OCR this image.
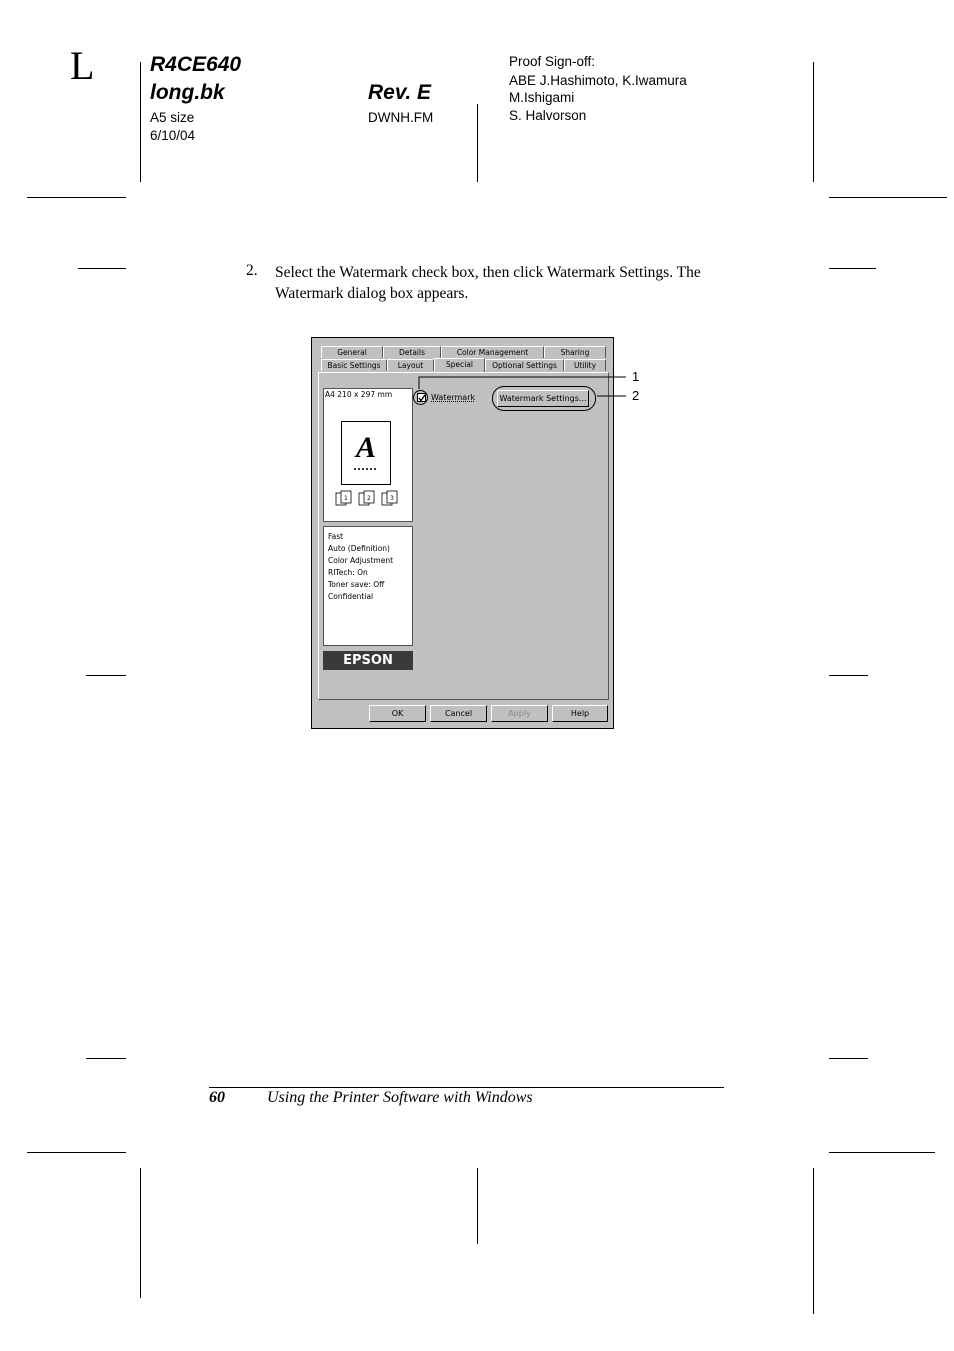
L	R4CE640
long.bk
A5 size
6/10/04
Rev. E
DWNH.FM
Proof Sign-off:
ABE J.Hashimoto, K.Iwamura
M.Ishigami
S. Halvorson
2. Select the Watermark check box, then click Watermark Settings. The Watermark dialog box appears.
General	Details	Color Management	Sharing
Basic Settings	Layout	Special	Optional Settings	Utility
A4 210 x 297 mm
A
1	2	3
Fast
Auto (Definition)
Color Adjustment
RITech: On
Toner save: Off
Confidential
EPSON
Watermark	Watermark Settings...
OK	Cancel	Apply	Help
1
2
60	Using the Printer Software with Windows
